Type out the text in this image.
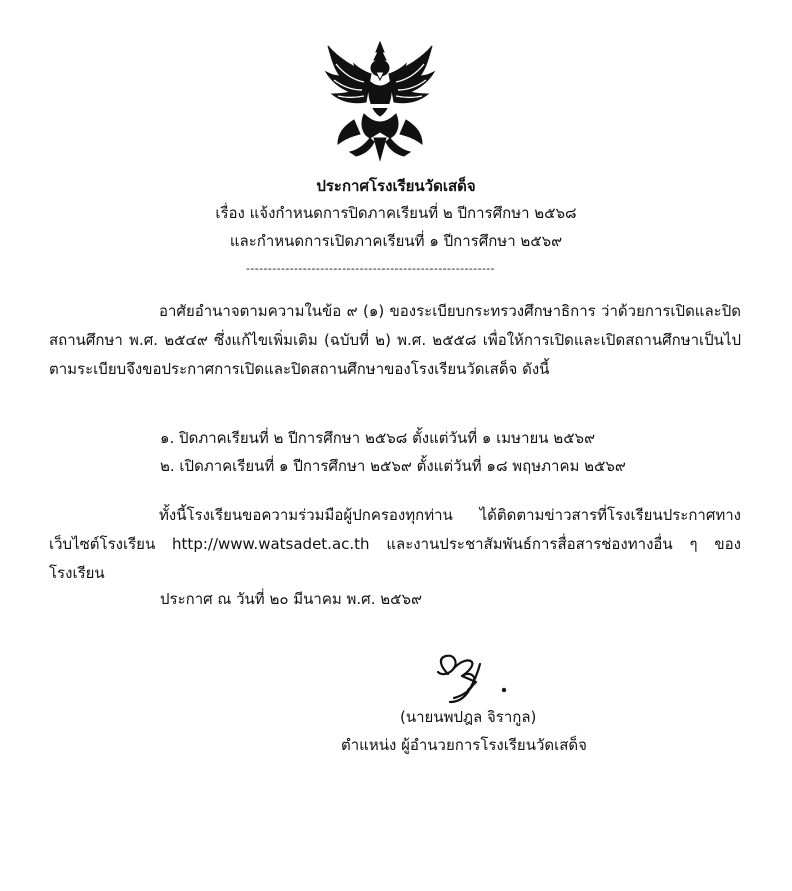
ประกาศโรงเรียนวัดเสด็จ
เรื่อง แจ้งกำหนดการปิดภาคเรียนที่ ๒ ปีการศึกษา ๒๕๖๘
และกำหนดการเปิดภาคเรียนที่ ๑ ปีการศึกษา ๒๕๖๙
---------------------------------------------------------
อาศัยอำนาจตามความในข้อ ๙ (๑) ของระเบียบกระทรวงศึกษาธิการ ว่าด้วยการเปิดและปิดสถานศึกษา พ.ศ. ๒๕๔๙ ซึ่งแก้ไขเพิ่มเติม (ฉบับที่ ๒) พ.ศ. ๒๕๕๘ เพื่อให้การเปิดและเปิดสถานศึกษาเป็นไปตามระเบียบจึงขอประกาศการเปิดและปิดสถานศึกษาของโรงเรียนวัดเสด็จ ดังนี้
๑. ปิดภาคเรียนที่ ๒ ปีการศึกษา ๒๕๖๘ ตั้งแต่วันที่ ๑ เมษายน ๒๕๖๙
๒. เปิดภาคเรียนที่ ๑ ปีการศึกษา ๒๕๖๙ ตั้งแต่วันที่ ๑๘ พฤษภาคม ๒๕๖๙
ทั้งนี้โรงเรียนขอความร่วมมือผู้ปกครองทุกท่าน ได้ติดตามข่าวสารที่โรงเรียนประกาศทางเว็บไซต์โรงเรียน http://www.watsadet.ac.th และงานประชาสัมพันธ์การสื่อสารช่องทางอื่น ๆ ของโรงเรียน
ประกาศ ณ วันที่ ๒๐ มีนาคม พ.ศ. ๒๕๖๙
(นายนพปฎล จิรากูล)
ตำแหน่ง ผู้อำนวยการโรงเรียนวัดเสด็จ
